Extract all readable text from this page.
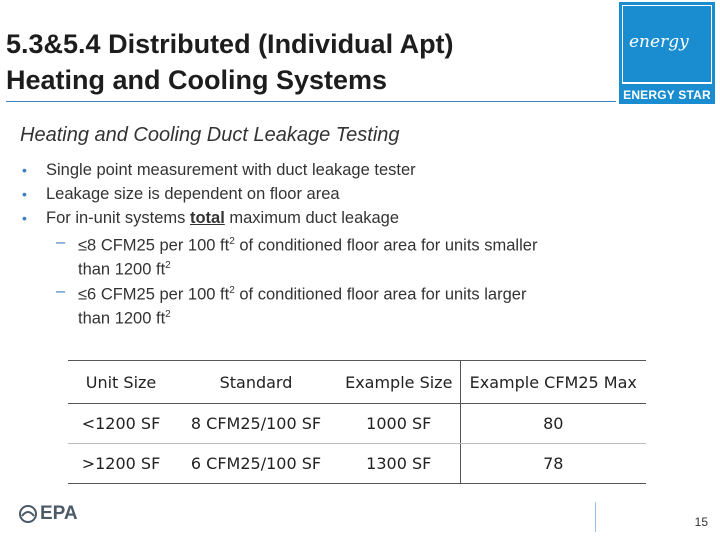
5.3&5.4 Distributed (Individual Apt)
Heating and Cooling Systems
energy
ENERGY STAR
Heating and Cooling Duct Leakage Testing
•	Single point measurement with duct leakage tester
•	Leakage size is dependent on floor area
•	For in-unit systems total maximum duct leakage
– ≤8 CFM25 per 100 $ft^2$ of conditioned floor area for units smaller than 1200 $ft^2$
– ≤6 CFM25 per 100 $ft^2$ of conditioned floor area for units larger than 1200 $ft^2$
Unit Size	Standard	Example Size	Example CFM25 Max
<1200 SF	8 CFM25/100 SF	1000 SF	80
>1200 SF	6 CFM25/100 SF	1300 SF	78
EPA	15
